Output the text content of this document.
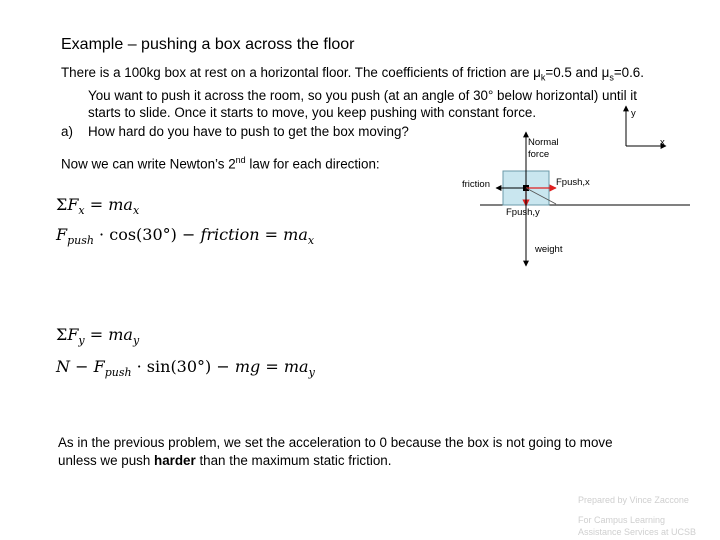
Example – pushing a box across the floor
There is a 100kg box at rest on a horizontal floor. The coefficients of friction are $\mu_k=0.5$ and $\mu_s=0.6$.
You want to push it across the room, so you push (at an angle of 30° below horizontal) until it
starts to slide. Once it starts to move, you keep pushing with constant force.
a) How hard do you have to push to get the box moving?
Now we can write Newton’s 2nd law for each direction:
$\Sigma F_x = ma_x$
$F_{push} \cdot \cos(30^\circ)$ − friction = $ma_x$
$\Sigma F_y = ma_y$
$N - F_{push} \cdot \sin(30^\circ)$ − mg = $ma_y$
As in the previous problem, we set the acceleration to 0 because the box is not going to move unless we push harder than the maximum static friction.
y
x
Normal
force
friction	Fpush,x
Fpush,y
weight
Prepared by Vince Zaccone
For Campus Learning
Assistance Services at UCSB
